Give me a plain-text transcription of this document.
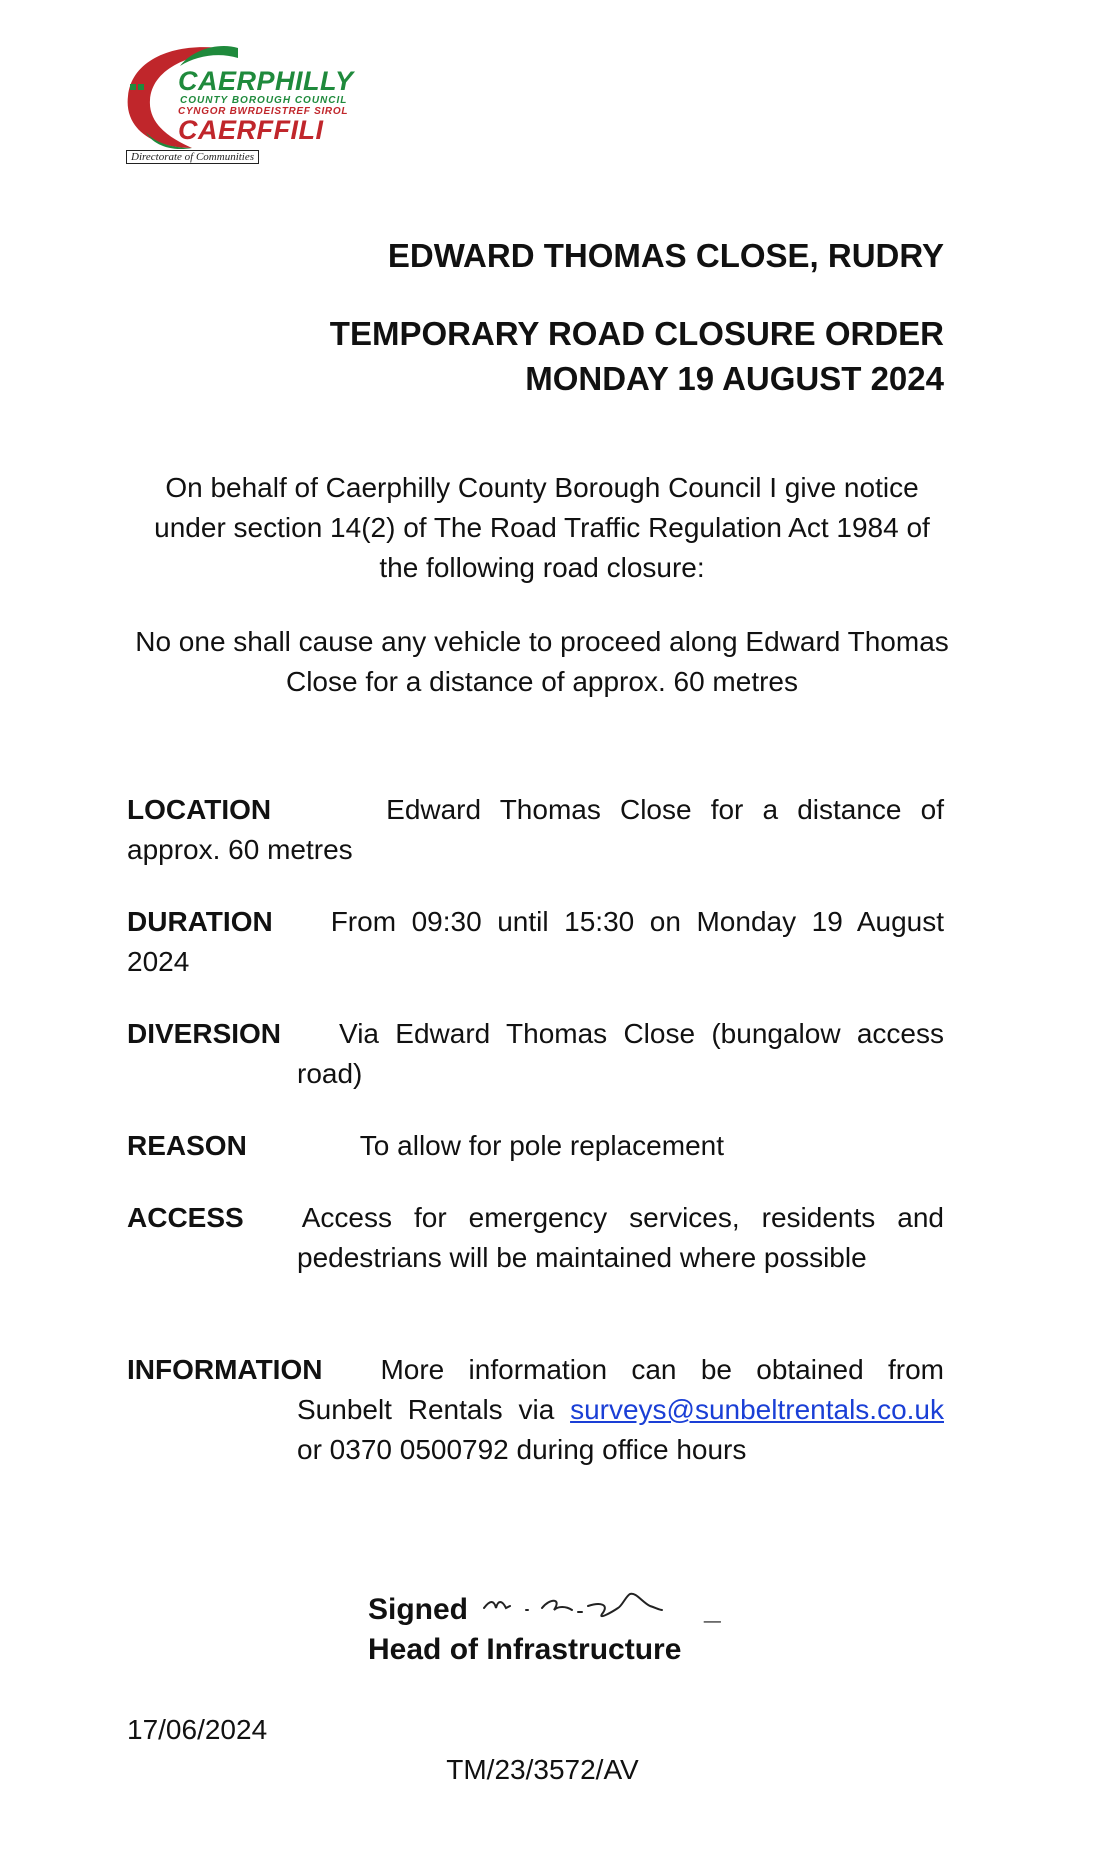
CAERPHILLY
COUNTY BOROUGH COUNCIL
CYNGOR BWRDEISTREF SIROL
CAERFFILI
Directorate of Communities
EDWARD THOMAS CLOSE, RUDRY
TEMPORARY ROAD CLOSURE ORDER
MONDAY 19 AUGUST 2024
On behalf of Caerphilly County Borough Council I give notice under section 14(2) of The Road Traffic Regulation Act 1984 of the following road closure:
No one shall cause any vehicle to proceed along Edward Thomas Close for a distance of approx. 60 metres
LOCATION	Edward Thomas Close for a distance of approx. 60 metres
DURATION From 09:30 until 15:30 on Monday 19 August 2024
DIVERSION Via Edward Thomas Close (bungalow access road)
REASON	To allow for pole replacement
ACCESS Access for emergency services, residents and pedestrians will be maintained where possible
INFORMATION More information can be obtained from Sunbelt Rentals via surveys@sunbeltrentals.co.uk or 0370 0500792 during office hours
Signed	_
Head of Infrastructure
17/06/2024
TM/23/3572/AV
